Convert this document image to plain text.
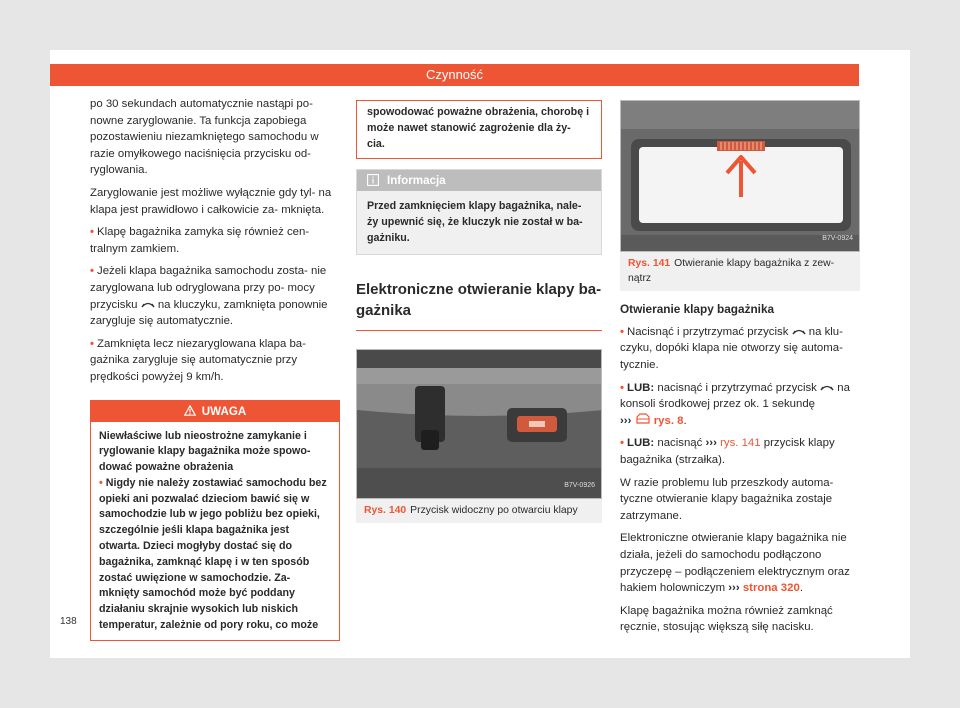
Czynność

po 30 sekundach automatycznie nastąpi po- nowne zaryglowanie. Ta funkcja zapobiega pozostawieniu niezamkniętego samochodu w razie omyłkowego naciśnięcia przycisku od- ryglowania.

Zaryglowanie jest możliwe wyłącznie gdy tyl- na klapa jest prawidłowo i całkowicie za- mknięta.

• Klapę bagażnika zamyka się również cen- tralnym zamkiem.

• Jeżeli klapa bagażnika samochodu zosta- nie zaryglowana lub odryglowana przy po- mocy przycisku na kluczyku, zamknięta ponownie zarygluje się automatycznie.

• Zamknięta lecz niezaryglowana klapa ba- gażnika zarygluje się automatycznie przy prędkości powyżej 9 km/h.

UWAGA

Niewłaściwe lub nieostrożne zamykanie i ryglowanie klapy bagażnika może spowo- dować poważne obrażenia

• Nigdy nie należy zostawiać samochodu bez opieki ani pozwalać dzieciom bawić się w samochodzie lub w jego pobliżu bez opieki, szczególnie jeśli klapa bagażnika jest otwarta. Dzieci mogłyby dostać się do bagażnika, zamknąć klapę i w ten sposób zostać uwięzione w samochodzie. Za- mknięty samochód może być poddany działaniu skrajnie wysokich lub niskich temperatur, zależnie od pory roku, co może

spowodować poważne obrażenia, chorobę i może nawet stanowić zagrożenie dla ży- cia.
Informacja
Przed zamknięciem klapy bagażnika, nale- ży upewnić się, że kluczyk nie został w ba- gażniku.
Elektroniczne otwieranie klapy ba- gażnika
B7V-0926
Rys. 140 Przycisk widoczny po otwarciu klapy
B7V-0924
Rys. 141 Otwieranie klapy bagażnika z zew- nątrz

Otwieranie klapy bagażnika

• Nacisnąć i przytrzymać przycisk na klu- czyku, dopóki klapa nie otworzy się automa- tycznie.

• LUB: nacisnąć i przytrzymać przycisk na konsoli środkowej przez ok. 1 sekundę
››› rys. 8.

• LUB: nacisnąć ››› rys. 141 przycisk klapy bagażnika (strzałka).

W razie problemu lub przeszkody automa- tyczne otwieranie klapy bagażnika zostaje zatrzymane.

Elektroniczne otwieranie klapy bagażnika nie działa, jeżeli do samochodu podłączono przyczepę – podłączeniem elektrycznym oraz hakiem holowniczym ››› strona 320.

Klapę bagażnika można również zamknąć ręcznie, stosując większą siłę nacisku.

138
